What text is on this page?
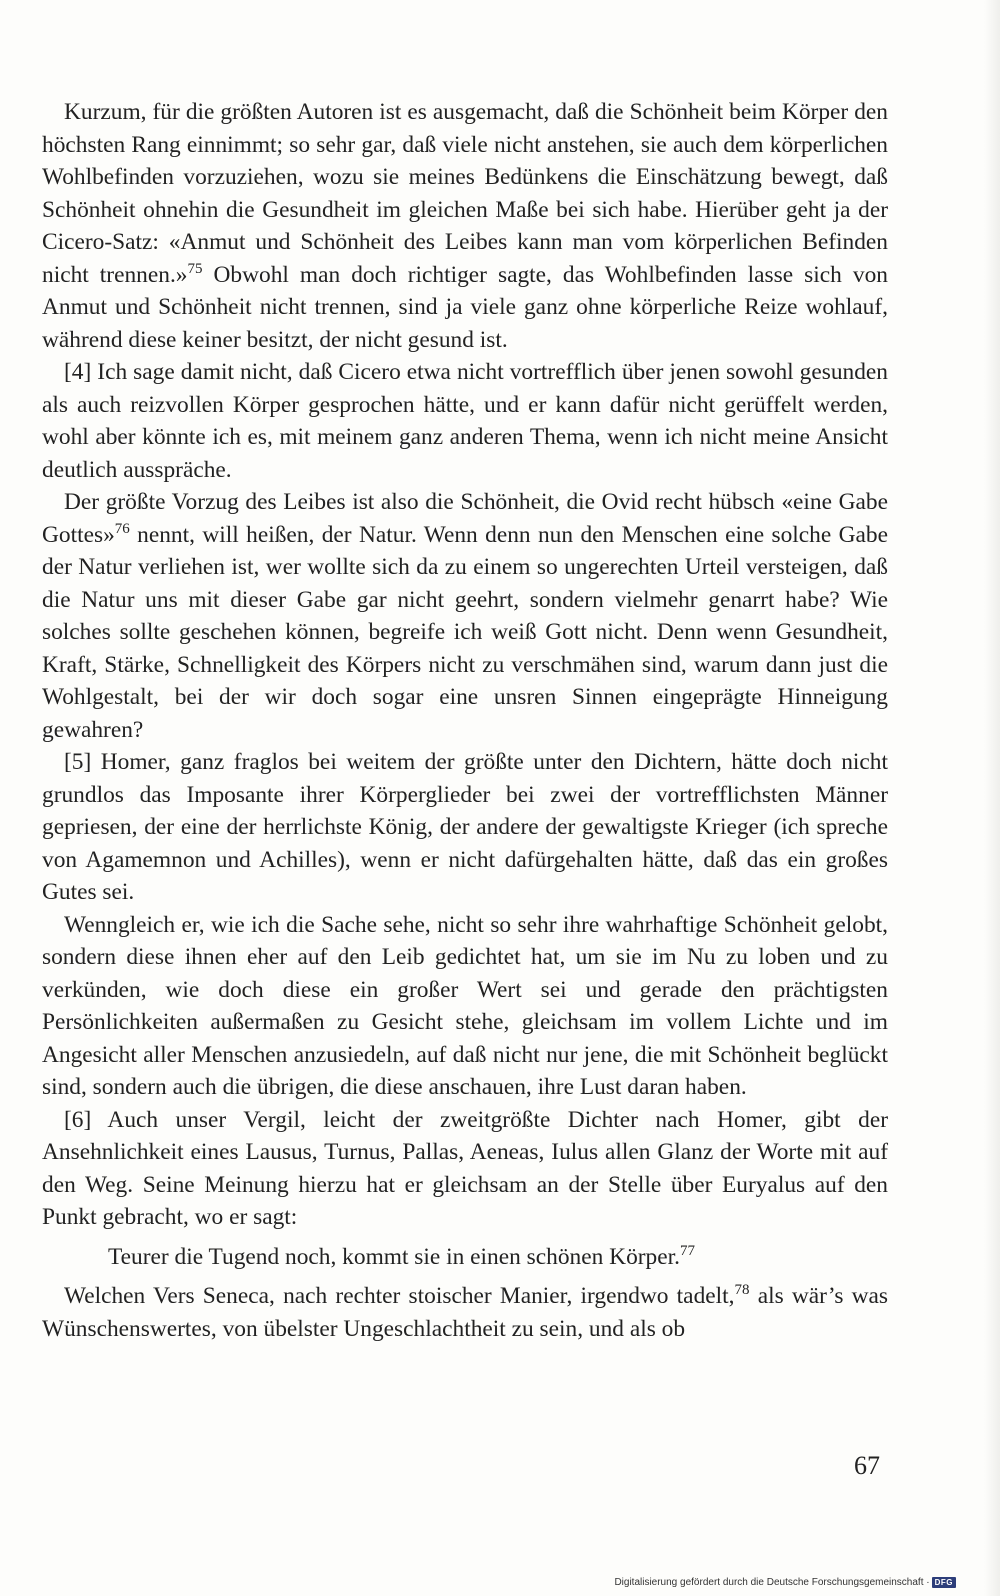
Kurzum, für die größten Autoren ist es ausgemacht, daß die Schönheit beim Körper den höchsten Rang einnimmt; so sehr gar, daß viele nicht anstehen, sie auch dem körperlichen Wohlbefinden vorzuziehen, wozu sie meines Bedünkens die Einschätzung bewegt, daß Schönheit ohnehin die Gesundheit im gleichen Maße bei sich habe. Hierüber geht ja der Cicero-Satz: «Anmut und Schönheit des Leibes kann man vom körperlichen Befinden nicht trennen.»$^{75}$ Obwohl man doch richtiger sagte, das Wohlbefinden lasse sich von Anmut und Schönheit nicht trennen, sind ja viele ganz ohne körperliche Reize wohlauf, während diese keiner besitzt, der nicht gesund ist.

[4] Ich sage damit nicht, daß Cicero etwa nicht vortrefflich über jenen sowohl gesunden als auch reizvollen Körper gesprochen hätte, und er kann dafür nicht gerüffelt werden, wohl aber könnte ich es, mit meinem ganz anderen Thema, wenn ich nicht meine Ansicht deutlich ausspräche.

Der größte Vorzug des Leibes ist also die Schönheit, die Ovid recht hübsch «eine Gabe Gottes»$^{76}$ nennt, will heißen, der Natur. Wenn denn nun den Menschen eine solche Gabe der Natur verliehen ist, wer wollte sich da zu einem so ungerechten Urteil versteigen, daß die Natur uns mit dieser Gabe gar nicht geehrt, sondern vielmehr genarrt habe? Wie solches sollte geschehen können, begreife ich weiß Gott nicht. Denn wenn Gesundheit, Kraft, Stärke, Schnelligkeit des Körpers nicht zu verschmähen sind, warum dann just die Wohlgestalt, bei der wir doch sogar eine unsren Sinnen eingeprägte Hinneigung gewahren?

[5] Homer, ganz fraglos bei weitem der größte unter den Dichtern, hätte doch nicht grundlos das Imposante ihrer Körperglieder bei zwei der vortrefflichsten Männer gepriesen, der eine der herrlichste König, der andere der gewaltigste Krieger (ich spreche von Agamemnon und Achilles), wenn er nicht dafürgehalten hätte, daß das ein großes Gutes sei.

Wenngleich er, wie ich die Sache sehe, nicht so sehr ihre wahrhaftige Schönheit gelobt, sondern diese ihnen eher auf den Leib gedichtet hat, um sie im Nu zu loben und zu verkünden, wie doch diese ein großer Wert sei und gerade den prächtigsten Persönlichkeiten außermaßen zu Gesicht stehe, gleichsam im vollem Lichte und im Angesicht aller Menschen anzusiedeln, auf daß nicht nur jene, die mit Schönheit beglückt sind, sondern auch die übrigen, die diese anschauen, ihre Lust daran haben.

[6] Auch unser Vergil, leicht der zweitgrößte Dichter nach Homer, gibt der Ansehnlichkeit eines Lausus, Turnus, Pallas, Aeneas, Iulus allen Glanz der Worte mit auf den Weg. Seine Meinung hierzu hat er gleichsam an der Stelle über Euryalus auf den Punkt gebracht, wo er sagt:

Teurer die Tugend noch, kommt sie in einen schönen Körper.$^{77}$

Welchen Vers Seneca, nach rechter stoischer Manier, irgendwo tadelt,$^{78}$ als wär’s was Wünschenswertes, von übelster Ungeschlachtheit zu sein, und als ob

67
Digitalisierung gefördert durch die Deutsche Forschungsgemeinschaft · DFG
